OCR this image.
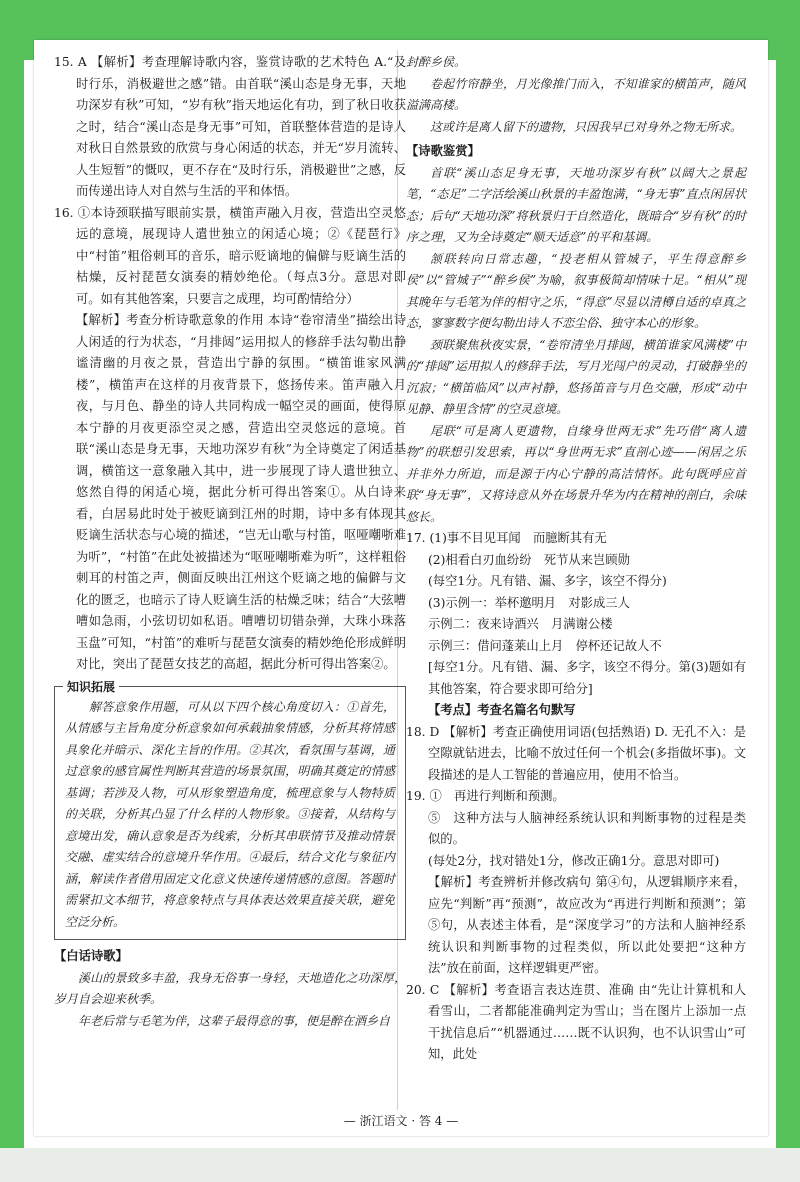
15. A 【解析】考查理解诗歌内容，鉴赏诗歌的艺术特色 A.“及时行乐，消极避世之感”错。由首联“溪山态是身无事，天地功深岁有秋”可知，“岁有秋”指天地运化有功，到了秋日收获之时，结合“溪山态是身无事”可知，首联整体营造的是诗人对秋日自然景致的欣赏与身心闲适的状态，并无“岁月流转、人生短暂”的慨叹，更不存在“及时行乐，消极避世”之感，反而传递出诗人对自然与生活的平和体悟。

16. ①本诗颈联描写眼前实景，横笛声融入月夜，营造出空灵悠远的意境，展现诗人遣世独立的闲适心境；②《琵琶行》中“村笛”粗俗刺耳的音乐，暗示贬谪地的偏僻与贬谪生活的枯燥，反衬琵琶女演奏的精妙绝伦。（每点3分。意思对即可。如有其他答案，只要言之成理，均可酌情给分）

【解析】考查分析诗歌意象的作用 本诗“卷帘清坐”描绘出诗人闲适的行为状态，“月排闼”运用拟人的修辞手法勾勒出静谧清幽的月夜之景，营造出宁静的氛围。“横笛谁家风满楼”，横笛声在这样的月夜背景下，悠扬传来。笛声融入月夜，与月色、静坐的诗人共同构成一幅空灵的画面，使得原本宁静的月夜更添空灵之感，营造出空灵悠远的意境。首联“溪山态是身无事，天地功深岁有秋”为全诗奠定了闲适基调，横笛这一意象融入其中，进一步展现了诗人遣世独立、悠然自得的闲适心境，据此分析可得出答案①。从白诗来看，白居易此时处于被贬谪到江州的时期，诗中多有体现其贬谪生活状态与心境的描述，“岂无山歌与村笛，呕哑嘲哳难为听”，“村笛”在此处被描述为“呕哑嘲哳难为听”，这样粗俗刺耳的村笛之声，侧面反映出江州这个贬谪之地的偏僻与文化的匮乏，也暗示了诗人贬谪生活的枯燥乏味；结合“大弦嘈嘈如急雨，小弦切切如私语。嘈嘈切切错杂弹，大珠小珠落玉盘”可知，“村笛”的难听与琵琶女演奏的精妙绝伦形成鲜明对比，突出了琵琶女技艺的高超，据此分析可得出答案②。

知识拓展

解答意象作用题，可从以下四个核心角度切入：①首先，从情感与主旨角度分析意象如何承载抽象情感，分析其将情感具象化并暗示、深化主旨的作用。②其次，看氛围与基调，通过意象的感官属性判断其营造的场景氛围，明确其奠定的情感基调；若涉及人物，可从形象塑造角度，梳理意象与人物特质的关联，分析其凸显了什么样的人物形象。③接着，从结构与意境出发，确认意象是否为线索，分析其串联情节及推动情景交融、虚实结合的意境升华作用。④最后，结合文化与象征内涵，解读作者借用固定文化意义快速传递情感的意图。答题时需紧扣文本细节，将意象特点与具体表达效果直接关联，避免空泛分析。

【白话诗歌】

溪山的景致多丰盈，我身无俗事一身轻，天地造化之功深厚，岁月自会迎来秋季。

年老后常与毛笔为伴，这辈子最得意的事，便是醉在酒乡自

封醉乡侯。

卷起竹帘静坐，月光像推门而入，不知谁家的横笛声，随风溢满高楼。

这或许是离人留下的遗物，只因我早已对身外之物无所求。

【诗歌鉴赏】

首联“溪山态足身无事，天地功深岁有秋”以阔大之景起笔，“态足”二字活绘溪山秋景的丰盈饱满，“身无事”直点闲居状态；后句“天地功深”将秋景归于自然造化，既暗合“岁有秋”的时序之理，又为全诗奠定“顺天适意”的平和基调。

颔联转向日常志趣，“投老相从管城子，平生得意醉乡侯”以“管城子”“醉乡侯”为喻，叙事极简却情味十足。“相从”现其晚年与毛笔为伴的相守之乐，“得意”尽显以清樽自适的卓真之态，寥寥数字便勾勒出诗人不恋尘俗、独守本心的形象。

颈联聚焦秋夜实景，“卷帘清坐月排闼，横笛谁家风满楼”中的“排闼”运用拟人的修辞手法，写月光闯户的灵动，打破静坐的沉寂；“横笛临风”以声衬静，悠扬笛音与月色交融，形成“动中见静、静里含情”的空灵意境。

尾联“可是离人更遗物，自缘身世两无求”先巧借“离人遗物”的联想引发思索，再以“身世两无求”直剖心迹——闲居之乐并非外力所迫，而是源于内心宁静的高洁情怀。此句既呼应首联“身无事”，又将诗意从外在场景升华为内在精神的剖白，余味悠长。

17. (1)事不目见耳闻　而臆断其有无

(2)相看白刃血纷纷　死节从来岂顾勋

(每空1分。凡有错、漏、多字，该空不得分)

(3)示例一：举杯邀明月　对影成三人

示例二：夜来诗酒兴　月满谢公楼

示例三：借问蓬莱山上月　停杯还记故人不

[每空1分。凡有错、漏、多字，该空不得分。第(3)题如有其他答案，符合要求即可给分]

【考点】考查名篇名句默写

18. D 【解析】考查正确使用词语(包括熟语) D. 无孔不入：是空隙就钻进去，比喻不放过任何一个机会(多指做坏事)。文段描述的是人工智能的普遍应用，使用不恰当。

19. ①　再进行判断和预测。

⑤　这种方法与人脑神经系统认识和判断事物的过程是类似的。

(每处2分，找对错处1分，修改正确1分。意思对即可)

【解析】考查辨析并修改病句 第④句，从逻辑顺序来看，应先“判断”再“预测”，故应改为“再进行判断和预测”；第⑤句，从表述主体看，是“深度学习”的方法和人脑神经系统认识和判断事物的过程类似，所以此处要把“这种方法”放在前面，这样逻辑更严密。

20. C 【解析】考查语言表达连贯、准确 由“先让计算机和人看雪山，二者都能准确判定为雪山；当在图片上添加一点干扰信息后”“机器通过……既不认识狗，也不认识雪山”可知，此处

— 浙江语文 · 答 4 —
